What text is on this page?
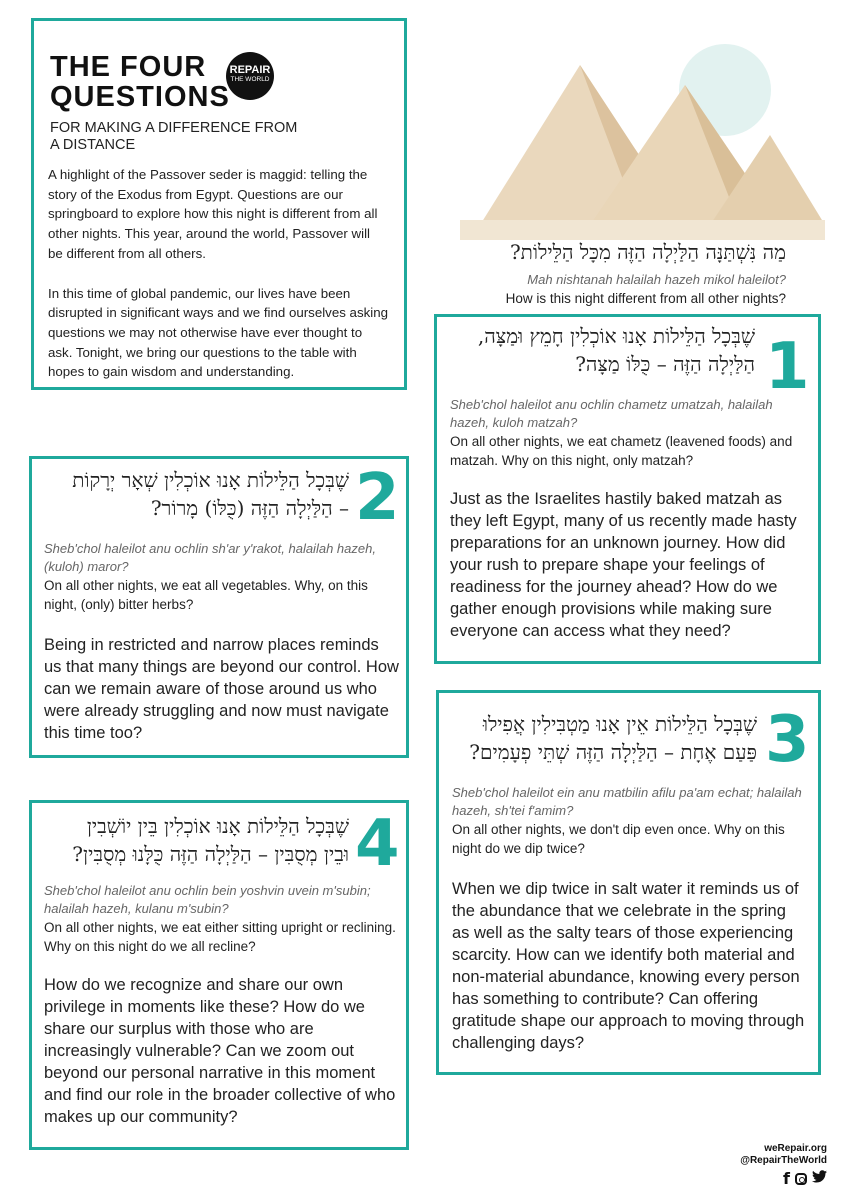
THE FOUR
QUESTIONS
REPAIR
THE WORLD
FOR MAKING A DIFFERENCE FROM A DISTANCE

A highlight of the Passover seder is maggid: telling the story of the Exodus from Egypt. Questions are our springboard to explore how this night is different from all other nights. This year, around the world, Passover will be different from all others.

In this time of global pandemic, our lives have been disrupted in significant ways and we find ourselves asking questions we may not otherwise have ever thought to ask. Tonight, we bring our questions to the table with hopes to gain wisdom and understanding.

מַה נִּשְׁתַּנָּה הַלַּיְלָה הַזֶּה מִכָּל הַלֵּילוֹת?
Mah nishtanah halailah hazeh mikol haleilot?
How is this night different from all other nights?
1
שֶׁבְּכָל הַלֵּילוֹת אָנוּ אוֹכְלִין חָמֵץ וּמַצָּה,
הַלַּיְלָה הַזֶּה – כֻּלּוֹ מַצָּה?
Sheb'chol haleilot anu ochlin chametz umatzah, halailah hazeh, kuloh matzah?
On all other nights, we eat chametz (leavened foods) and matzah. Why on this night, only matzah?
Just as the Israelites hastily baked matzah as they left Egypt, many of us recently made hasty preparations for an unknown journey. How did your rush to prepare shape your feelings of readiness for the journey ahead? How do we gather enough provisions while making sure everyone can access what they need?
2
שֶׁבְּכָל הַלֵּילוֹת אָנוּ אוֹכְלִין שְׁאָר יְרָקוֹת
– הַלַּיְלָה הַזֶּה (כֻּלּוֹ) מָרוֹר?
Sheb'chol haleilot anu ochlin sh'ar y'rakot, halailah hazeh, (kuloh) maror?
On all other nights, we eat all vegetables. Why, on this night, (only) bitter herbs?
Being in restricted and narrow places reminds us that many things are beyond our control. How can we remain aware of those around us who were already struggling and now must navigate this time too?	3
שֶׁבְּכָל הַלֵּילוֹת אֵין אָנוּ מַטְבִּילִין אֲפִילוּ
פַּעַם אֶחָת – הַלַּיְלָה הַזֶּה שְׁתֵּי פְעָמִים?
Sheb'chol haleilot ein anu matbilin afilu pa'am echat; halailah hazeh, sh'tei f'amim?
On all other nights, we don't dip even once. Why on this night do we dip twice?
When we dip twice in salt water it reminds us of the abundance that we celebrate in the spring as well as the salty tears of those experiencing scarcity. How can we identify both material and non-material abundance, knowing every person has something to contribute? Can offering gratitude shape our approach to moving through challenging days?
4
שֶׁבְּכָל הַלֵּילוֹת אָנוּ אוֹכְלִין בֵּין יוֹשְׁבִין
וּבֵין מְסֻבִּין – הַלַּיְלָה הַזֶּה כֻּלָּנוּ מְסֻבִּין?
Sheb'chol haleilot anu ochlin bein yoshvin uvein m'subin; halailah hazeh, kulanu m'subin?
On all other nights, we eat either sitting upright or reclining. Why on this night do we all recline?
How do we recognize and share our own privilege in moments like these? How do we share our surplus with those who are increasingly vulnerable? Can we zoom out beyond our personal narrative in this moment and find our role in the broader collective of who makes up our community?
weRepair.org
@RepairTheWorld
f
